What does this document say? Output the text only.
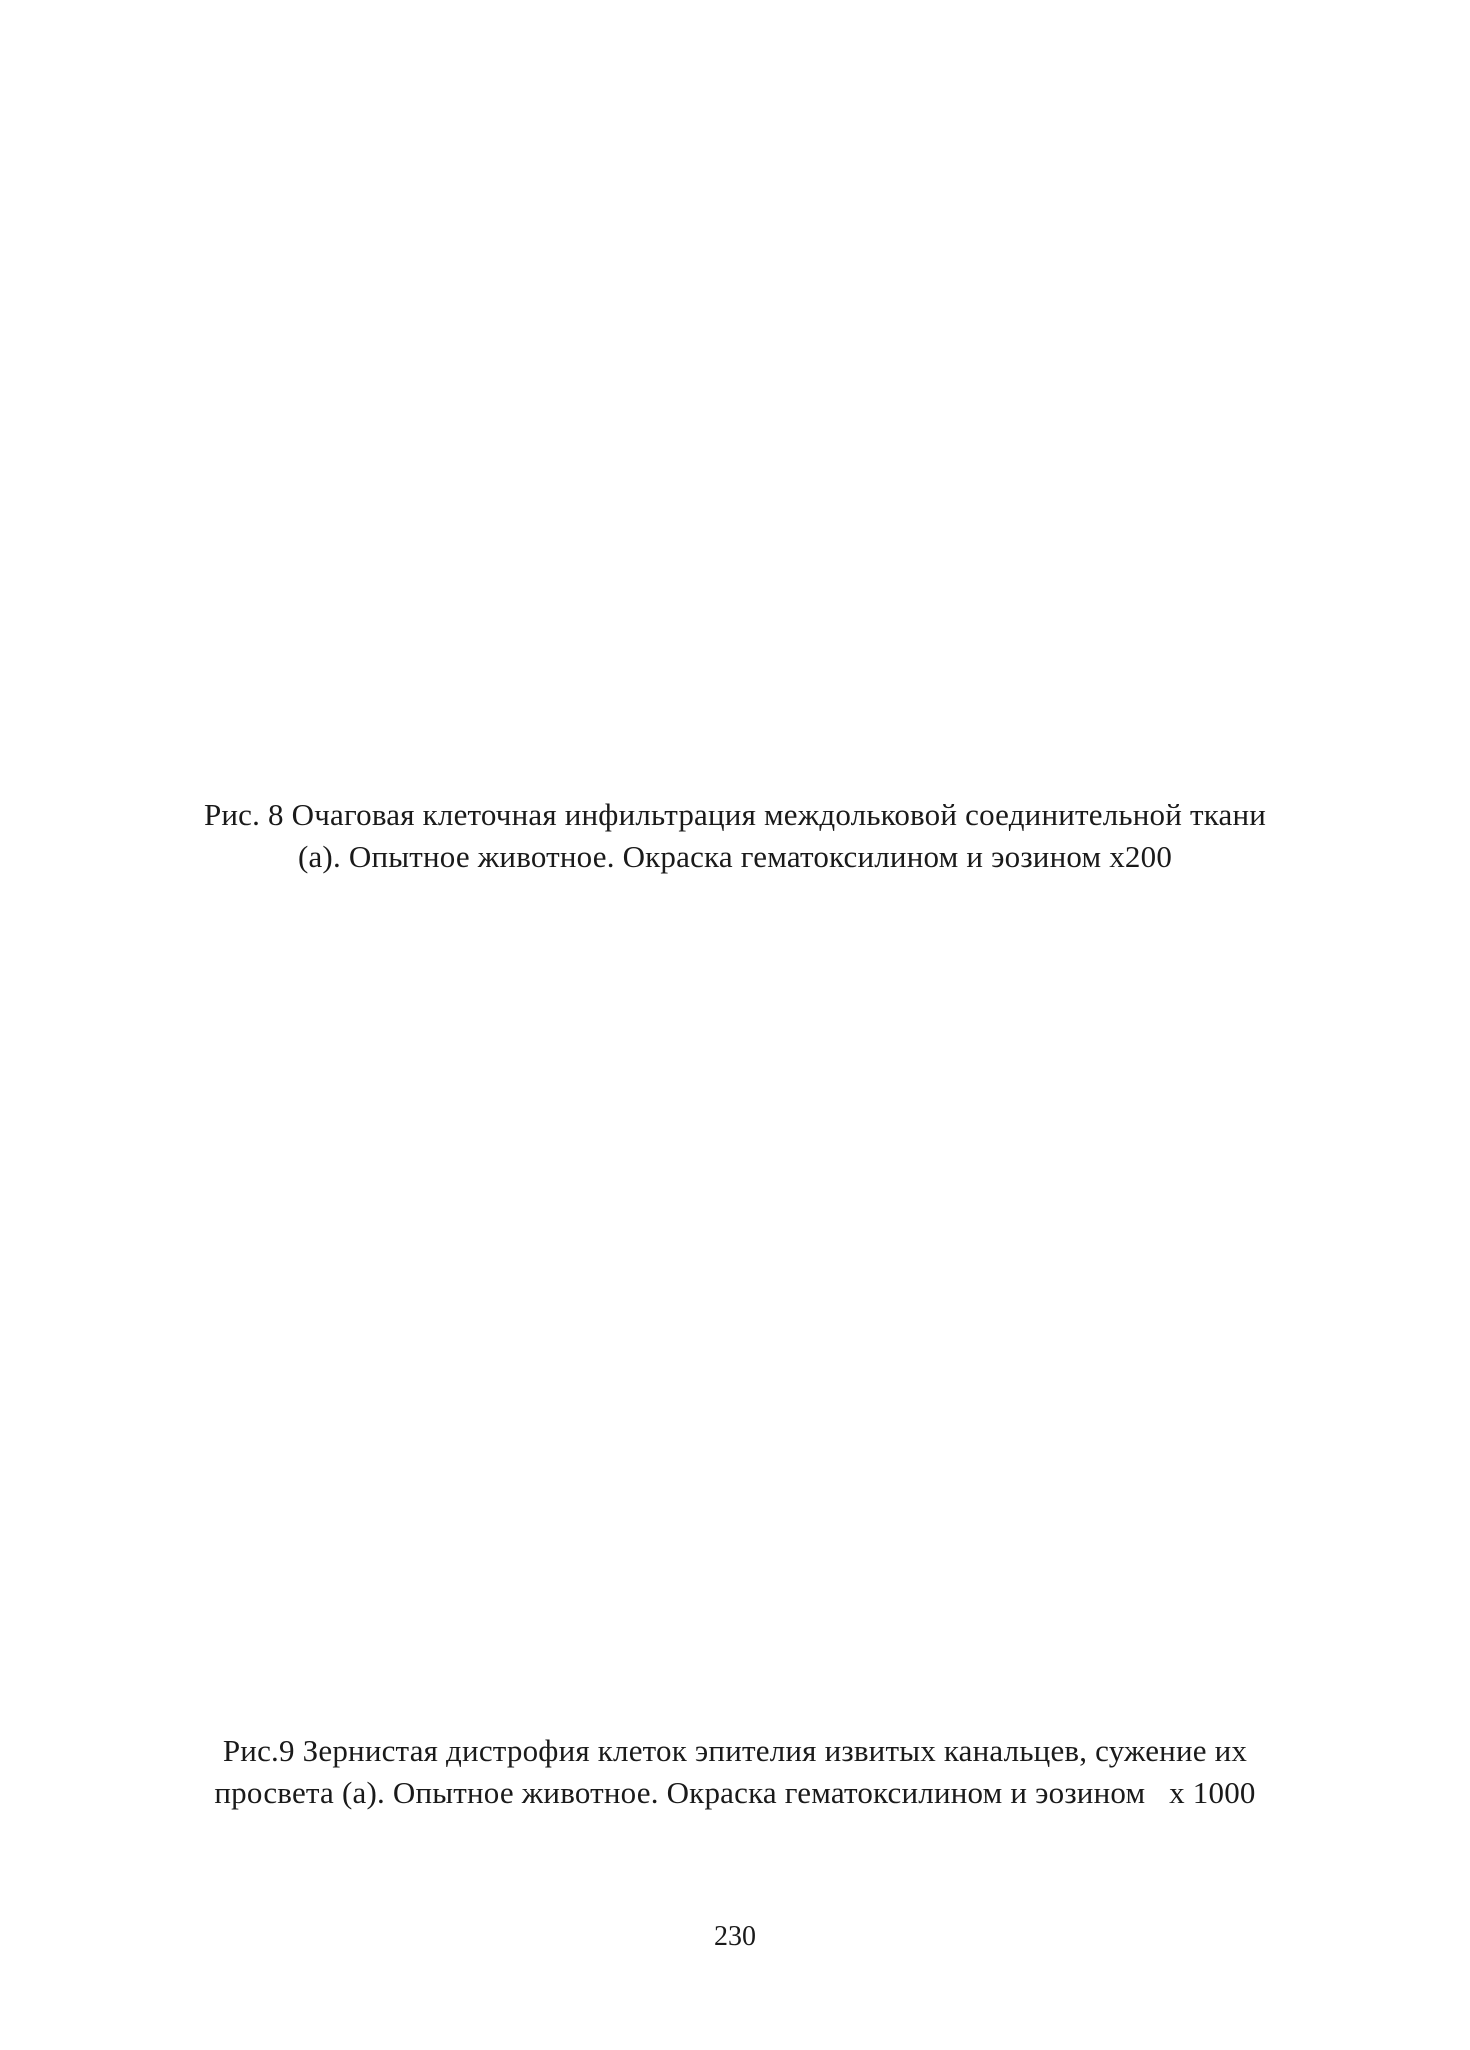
Рис. 8 Очаговая клеточная инфильтрация междольковой соединительной ткани
(а). Опытное животное. Окраска гематоксилином и эозином х200
Рис.9 Зернистая дистрофия клеток эпителия извитых канальцев, сужение их
просвета (а). Опытное животное. Окраска гематоксилином и эозином   х 1000
230
